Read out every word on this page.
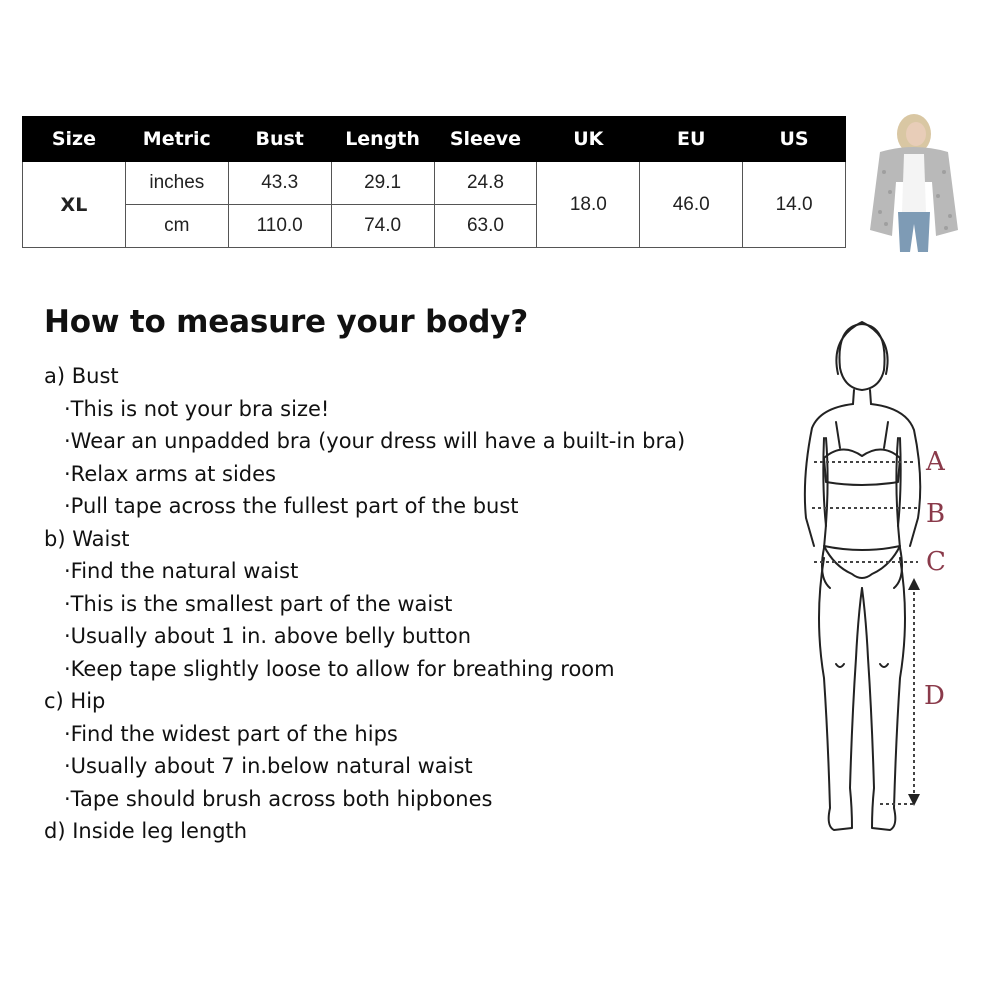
Size	Metric	Bust	Length	Sleeve	UK	EU	US
XL	inches	43.3	29.1	24.8	18.0	46.0	14.0
	cm	110.0	74.0	63.0			
How to measure your body?

a) Bust

·This is not your bra size!

·Wear an unpadded bra (your dress will have a built-in bra)

·Relax arms at sides

·Pull tape across the fullest part of the bust

b) Waist

·Find the natural waist

·This is the smallest part of the waist

·Usually about 1 in. above belly button

·Keep tape slightly loose to allow for breathing room

c) Hip

·Find the widest part of the hips

·Usually about 7 in.below natural waist

·Tape should brush across both hipbones

d) Inside leg length

A
B
C
D
